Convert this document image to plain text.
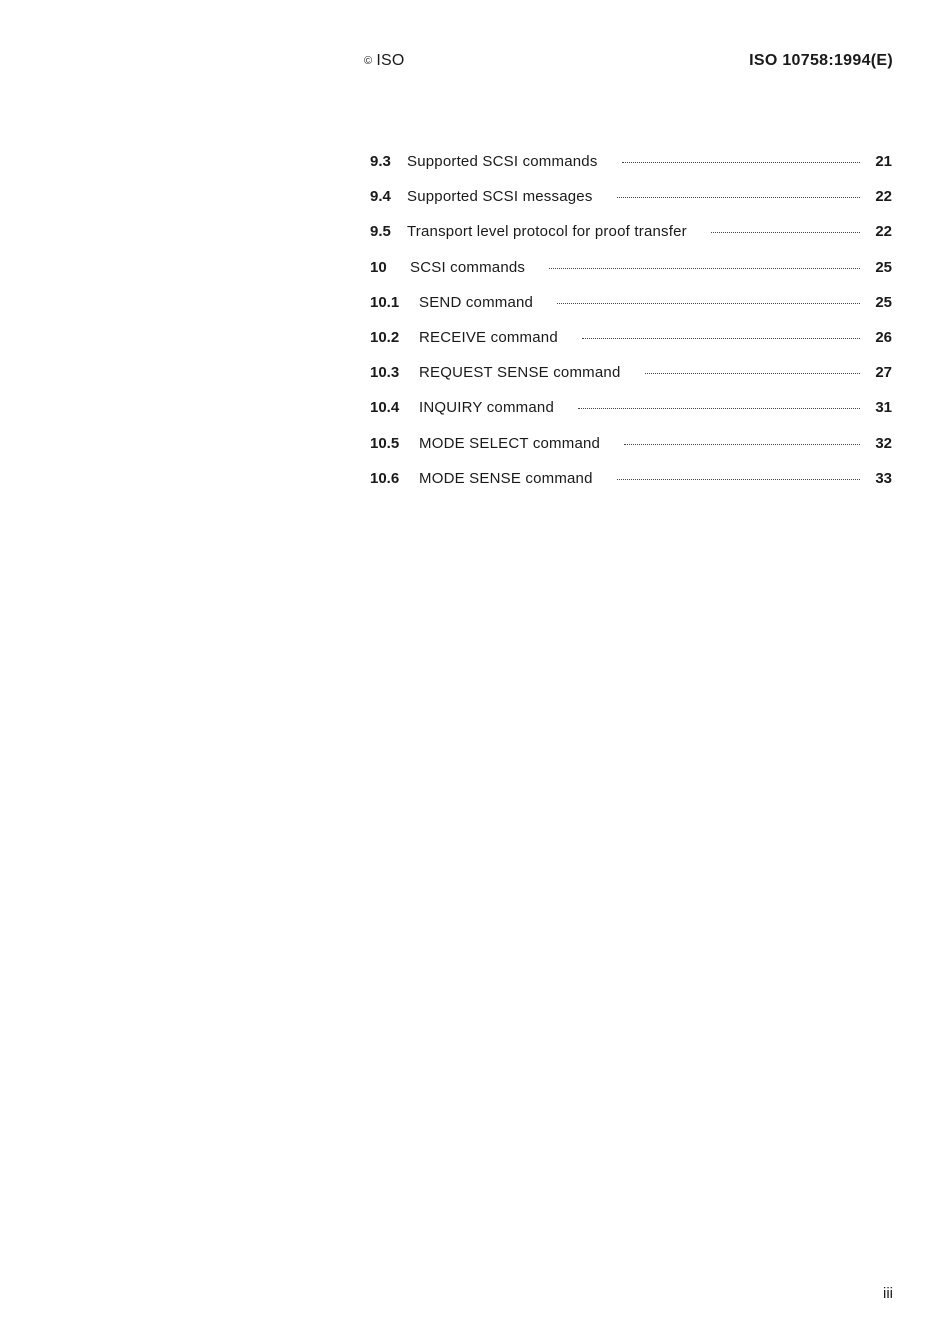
© ISO	ISO 10758:1994(E)
9.3	Supported SCSI commands	21
9.4	Supported SCSI messages	22
9.5	Transport level protocol for proof transfer	22
10	SCSI commands	25
10.1	SEND command	25
10.2	RECEIVE command	26
10.3	REQUEST SENSE command	27
10.4	INQUIRY command	31
10.5	MODE SELECT command	32
10.6	MODE SENSE command	33
iii
